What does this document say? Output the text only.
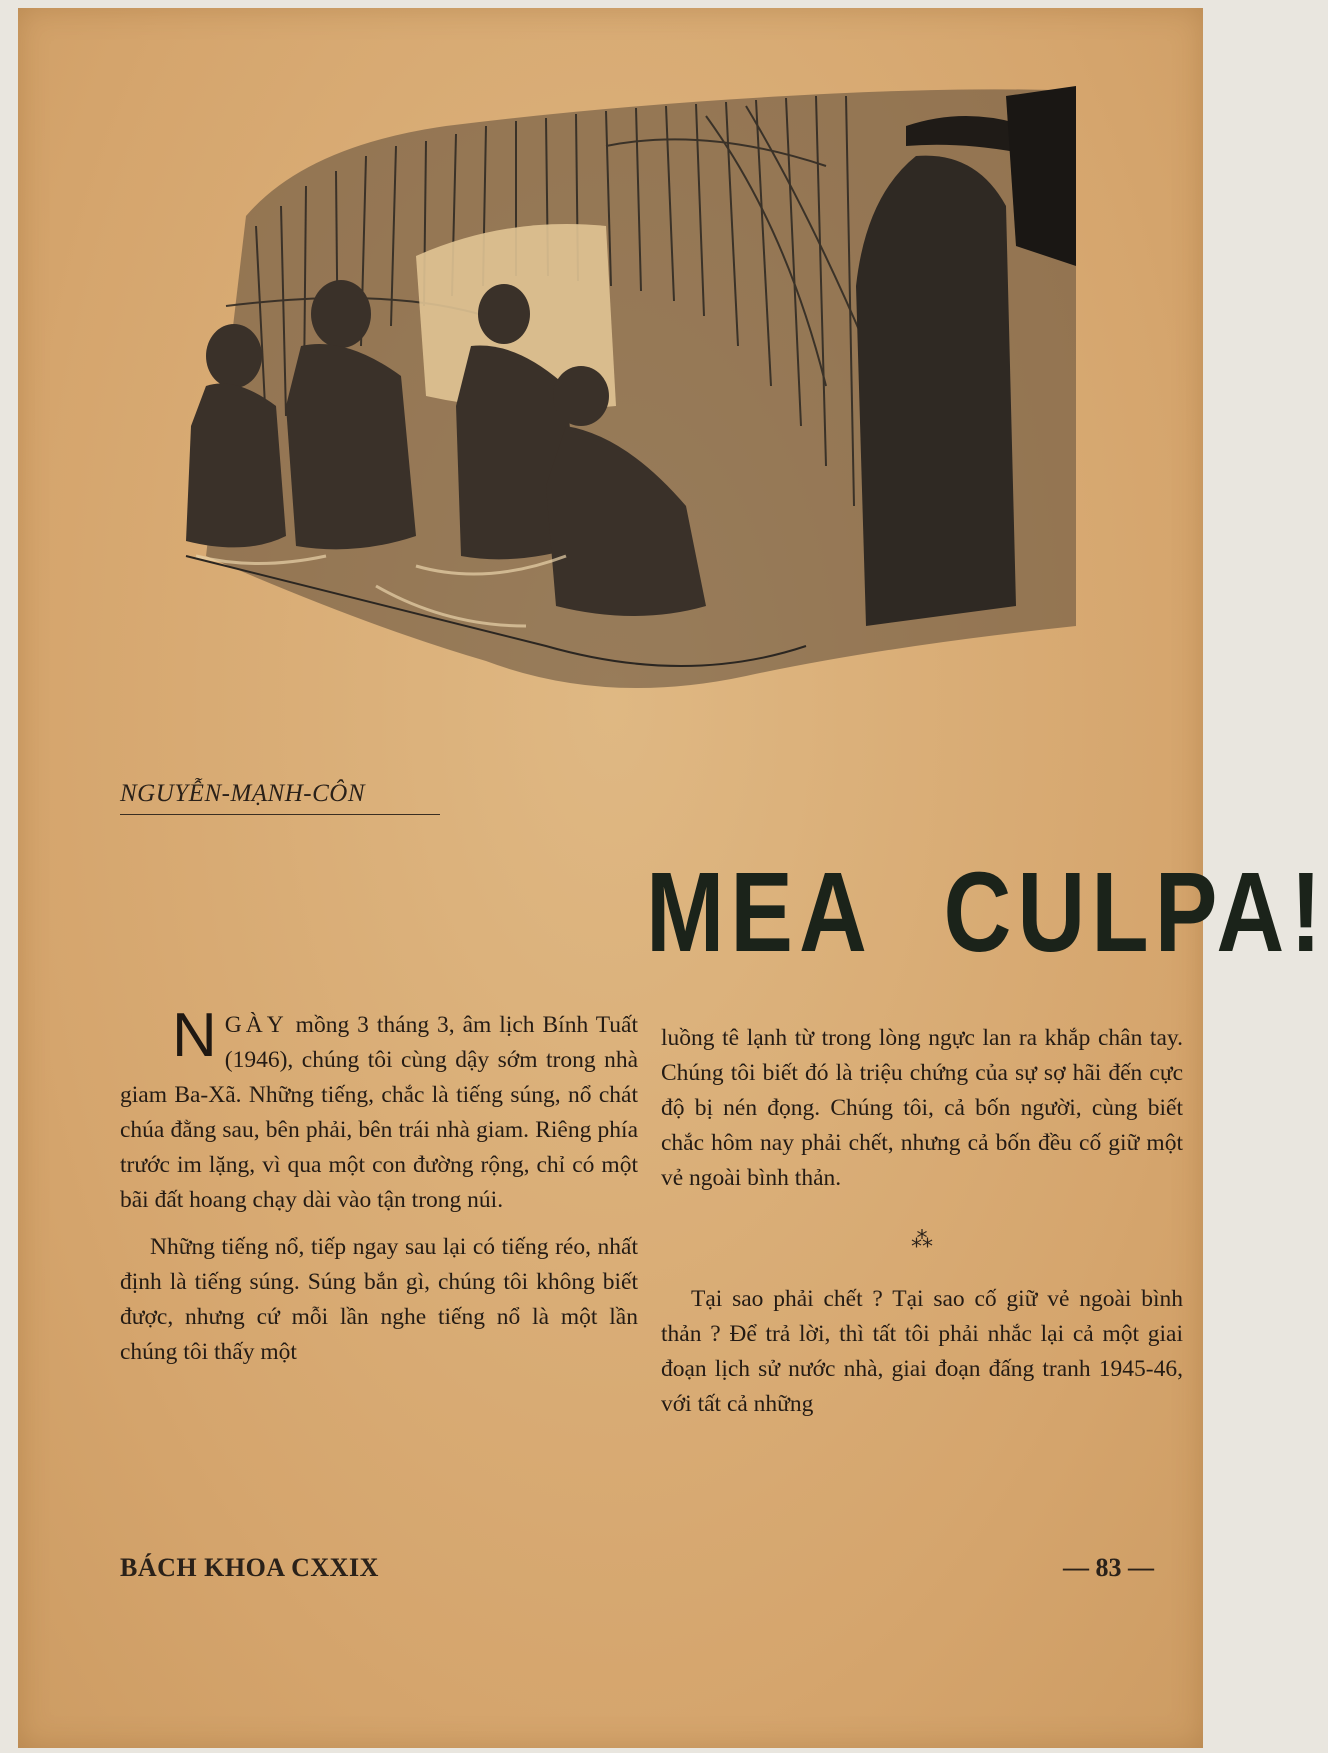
NGUYỄN-MẠNH-CÔN
MEA CULPA!

N GÀY mồng 3 tháng 3, âm lịch Bính Tuất (1946), chúng tôi cùng dậy sớm trong nhà giam Ba-Xã. Những tiếng, chắc là tiếng súng, nổ chát chúa đằng sau, bên phải, bên trái nhà giam. Riêng phía trước im lặng, vì qua một con đường rộng, chỉ có một bãi đất hoang chạy dài vào tận trong núi.

Những tiếng nổ, tiếp ngay sau lại có tiếng réo, nhất định là tiếng súng. Súng bắn gì, chúng tôi không biết được, nhưng cứ mỗi lần nghe tiếng nổ là một lần chúng tôi thấy một

luồng tê lạnh từ trong lòng ngực lan ra khắp chân tay. Chúng tôi biết đó là triệu chứng của sự sợ hãi đến cực độ bị nén đọng. Chúng tôi, cả bốn người, cùng biết chắc hôm nay phải chết, nhưng cả bốn đều cố giữ một vẻ ngoài bình thản.

⁂

Tại sao phải chết ? Tại sao cố giữ vẻ ngoài bình thản ? Để trả lời, thì tất tôi phải nhắc lại cả một giai đoạn lịch sử nước nhà, giai đoạn đấng tranh 1945-46, với tất cả những

BÁCH KHOA CXXIX	— 83 —
